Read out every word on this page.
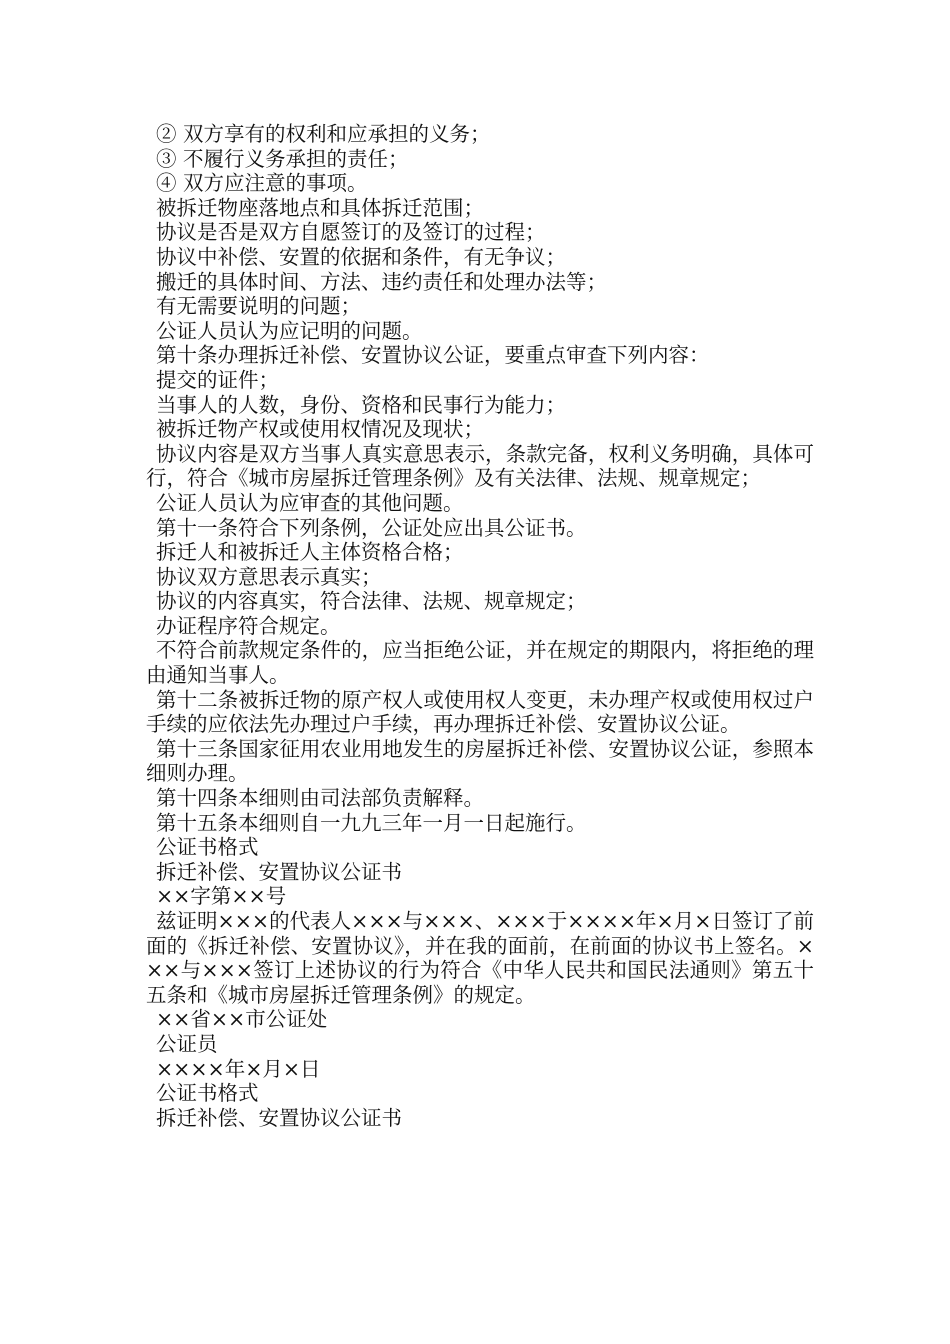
② 双方享有的权利和应承担的义务；

③ 不履行义务承担的责任；

④ 双方应注意的事项。

被拆迁物座落地点和具体拆迁范围；

协议是否是双方自愿签订的及签订的过程；

协议中补偿、安置的依据和条件，有无争议；

搬迁的具体时间、方法、违约责任和处理办法等；

有无需要说明的问题；

公证人员认为应记明的问题。

第十条办理拆迁补偿、安置协议公证，要重点审查下列内容：

提交的证件；

当事人的人数，身份、资格和民事行为能力；

被拆迁物产权或使用权情况及现状；

协议内容是双方当事人真实意思表示，条款完备，权利义务明确，具体可行，符合《城市房屋拆迁管理条例》及有关法律、法规、规章规定；

公证人员认为应审查的其他问题。

第十一条符合下列条例，公证处应出具公证书。

拆迁人和被拆迁人主体资格合格；

协议双方意思表示真实；

协议的内容真实，符合法律、法规、规章规定；

办证程序符合规定。

不符合前款规定条件的，应当拒绝公证，并在规定的期限内，将拒绝的理由通知当事人。

第十二条被拆迁物的原产权人或使用权人变更，未办理产权或使用权过户手续的应依法先办理过户手续，再办理拆迁补偿、安置协议公证。

第十三条国家征用农业用地发生的房屋拆迁补偿、安置协议公证，参照本细则办理。

第十四条本细则由司法部负责解释。

第十五条本细则自一九九三年一月一日起施行。

公证书格式

拆迁补偿、安置协议公证书

××字第××号

兹证明×××的代表人×××与×××、×××于××××年×月×日签订了前面的《拆迁补偿、安置协议》，并在我的面前，在前面的协议书上签名。×××与×××签订上述协议的行为符合《中华人民共和国民法通则》第五十五条和《城市房屋拆迁管理条例》的规定。

××省××市公证处

公证员

××××年×月×日

公证书格式

拆迁补偿、安置协议公证书
